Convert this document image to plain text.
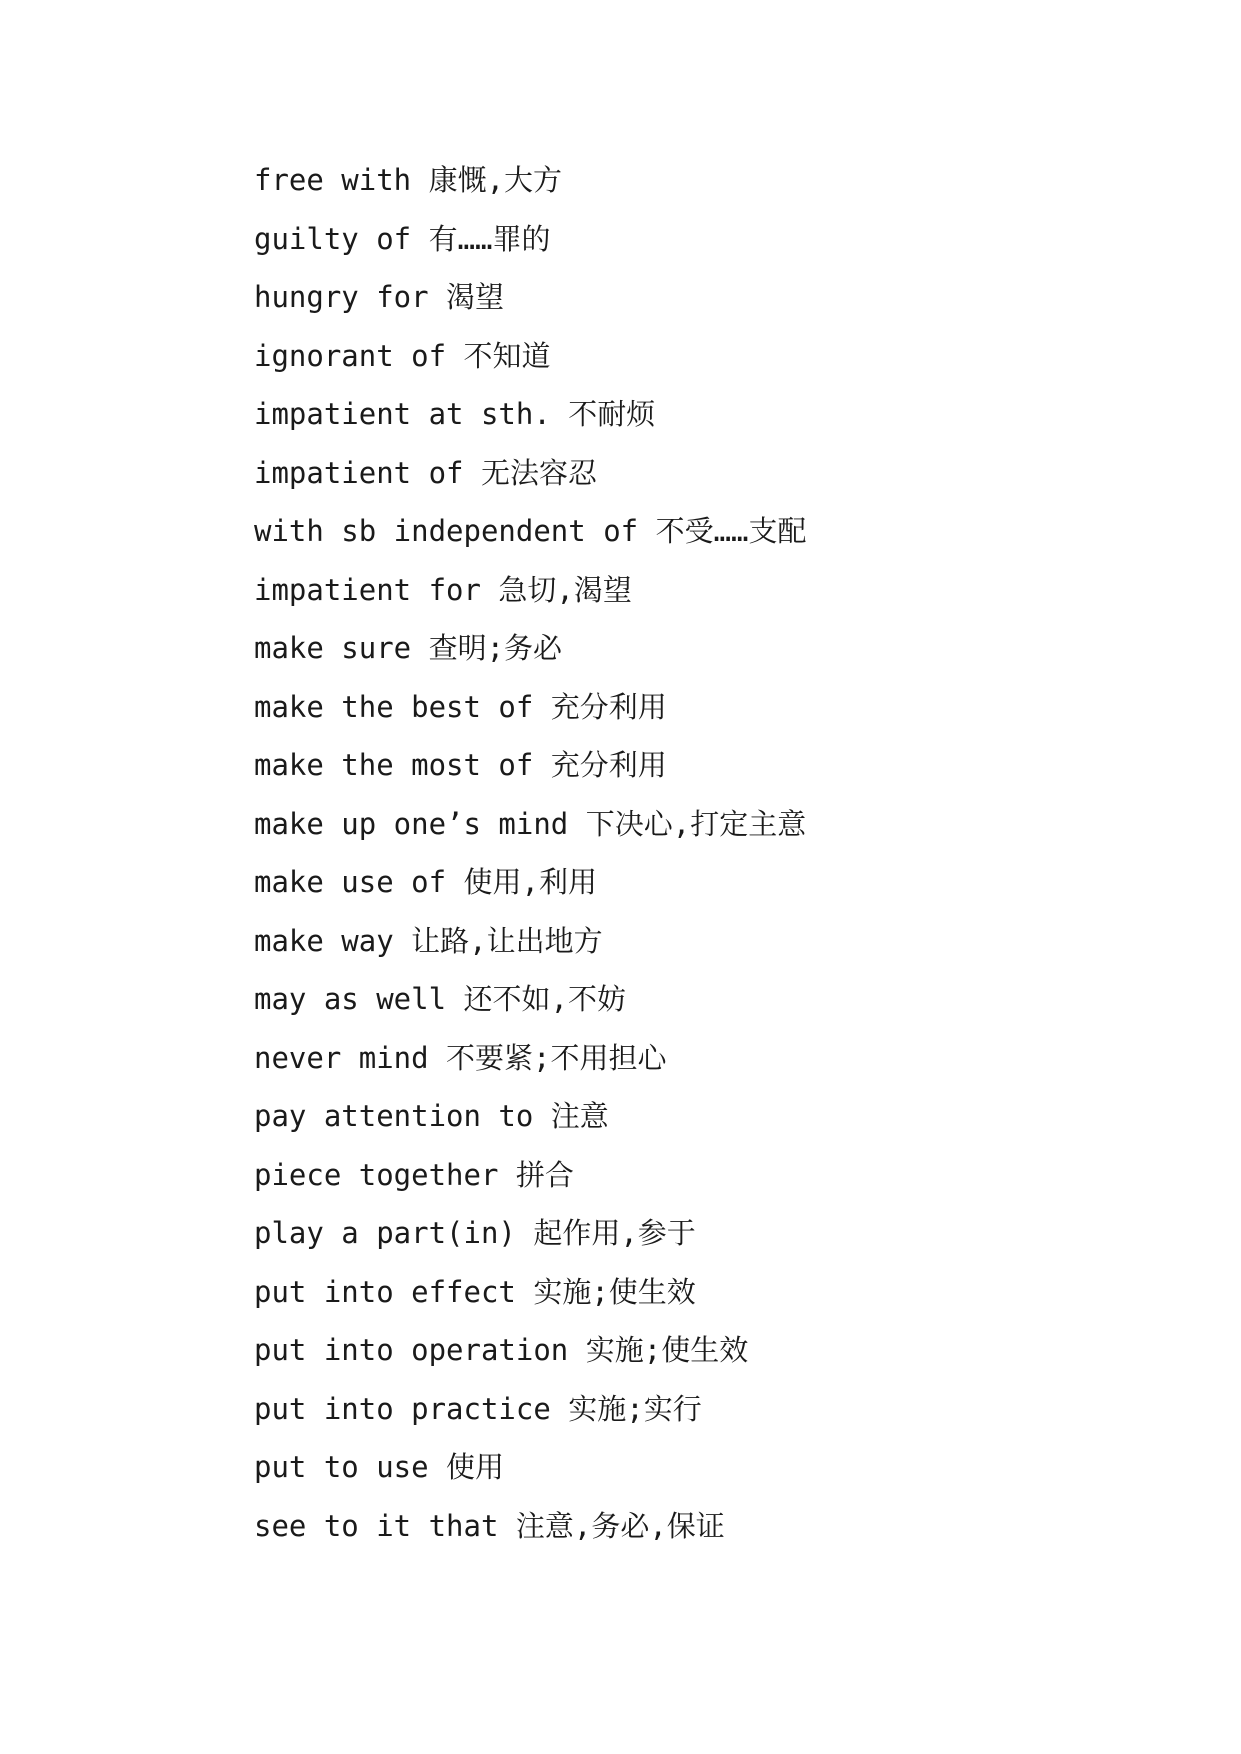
free with 康慨,大方
guilty of 有……罪的
hungry for 渴望
ignorant of 不知道
impatient at sth. 不耐烦
impatient of 无法容忍
with sb independent of 不受……支配
impatient for 急切,渴望
make sure 查明;务必
make the best of 充分利用
make the most of 充分利用
make up one’s mind 下决心,打定主意
make use of 使用,利用
make way 让路,让出地方
may as well 还不如,不妨
never mind 不要紧;不用担心
pay attention to 注意
piece together 拼合
play a part(in) 起作用,参于
put into effect 实施;使生效
put into operation 实施;使生效
put into practice 实施;实行
put to use 使用
see to it that 注意,务必,保证
